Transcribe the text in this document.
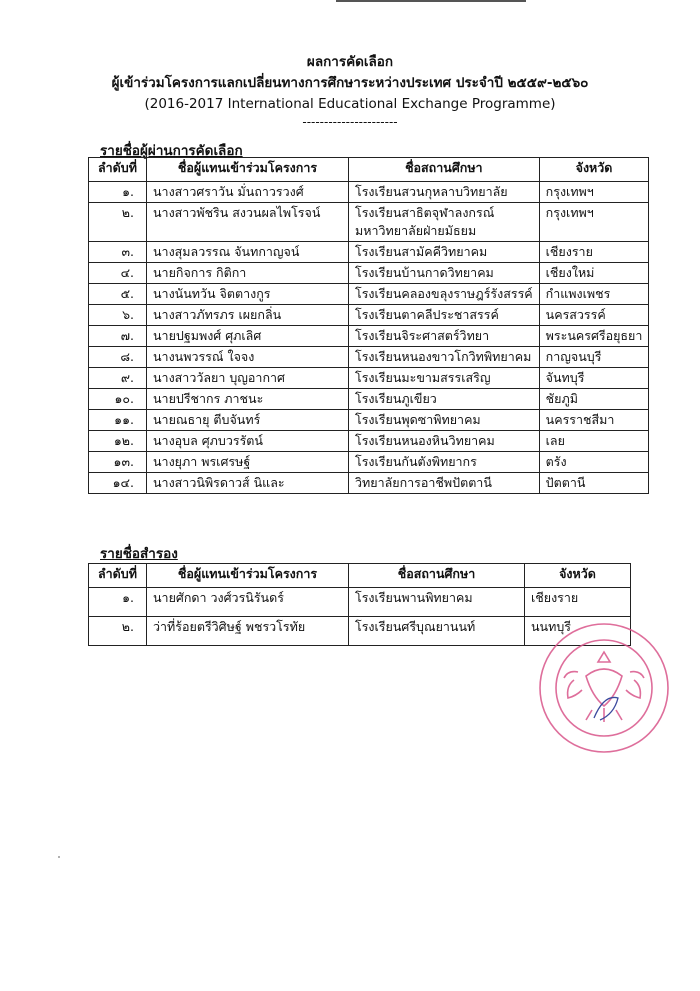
ผลการคัดเลือก
ผู้เข้าร่วมโครงการแลกเปลี่ยนทางการศึกษาระหว่างประเทศ ประจำปี ๒๕๕๙-๒๕๖๐
(2016-2017 International Educational Exchange Programme)
----------------------
รายชื่อผู้ผ่านการคัดเลือก
ลำดับที่	ชื่อผู้แทนเข้าร่วมโครงการ	ชื่อสถานศึกษา	จังหวัด
๑.	นางสาวศราวัน มั่นถาวรวงศ์	โรงเรียนสวนกุหลาบวิทยาลัย	กรุงเทพฯ
๒.	นางสาวพัชริน สงวนผลไพโรจน์	โรงเรียนสาธิตจุฬาลงกรณ์
มหาวิทยาลัยฝ่ายมัธยม	กรุงเทพฯ
๓.	นางสุมลวรรณ จันทกาญจน์	โรงเรียนสามัคคีวิทยาคม	เชียงราย
๔.	นายกิจการ กิติกา	โรงเรียนบ้านกาดวิทยาคม	เชียงใหม่
๕.	นางนันทวัน จิตตางกูร	โรงเรียนคลองขลุงราษฎร์รังสรรค์	กำแพงเพชร
๖.	นางสาวภัทรภร เผยกลิ่น	โรงเรียนตาคลีประชาสรรค์	นครสวรรค์
๗.	นายปฐมพงศ์ ศุภเลิศ	โรงเรียนจิระศาสตร์วิทยา	พระนครศรีอยุธยา
๘.	นางนพวรรณ์ ใจจง	โรงเรียนหนองขาวโกวิทพิทยาคม	กาญจนบุรี
๙.	นางสาววัลยา บุญอากาศ	โรงเรียนมะขามสรรเสริญ	จันทบุรี
๑๐.	นายปรีชากร ภาชนะ	โรงเรียนภูเขียว	ชัยภูมิ
๑๑.	นายณธายุ ตีบจันทร์	โรงเรียนพุดซาพิทยาคม	นครราชสีมา
๑๒.	นางอุบล ศุภบวรรัตน์	โรงเรียนหนองหินวิทยาคม	เลย
๑๓.	นางยุภา พรเศรษฐ์	โรงเรียนกันตังพิทยากร	ตรัง
๑๔.	นางสาวนิพิรดาวส์ นิและ	วิทยาลัยการอาชีพปัตตานี	ปัตตานี
รายชื่อสำรอง
ลำดับที่	ชื่อผู้แทนเข้าร่วมโครงการ	ชื่อสถานศึกษา	จังหวัด
๑.	นายศักดา วงศ์วรนิรันดร์	โรงเรียนพานพิทยาคม	เชียงราย
๒.	ว่าที่ร้อยตรีวิศิษฐ์ พชรวโรทัย	โรงเรียนศรีบุณยานนท์	นนทบุรี
